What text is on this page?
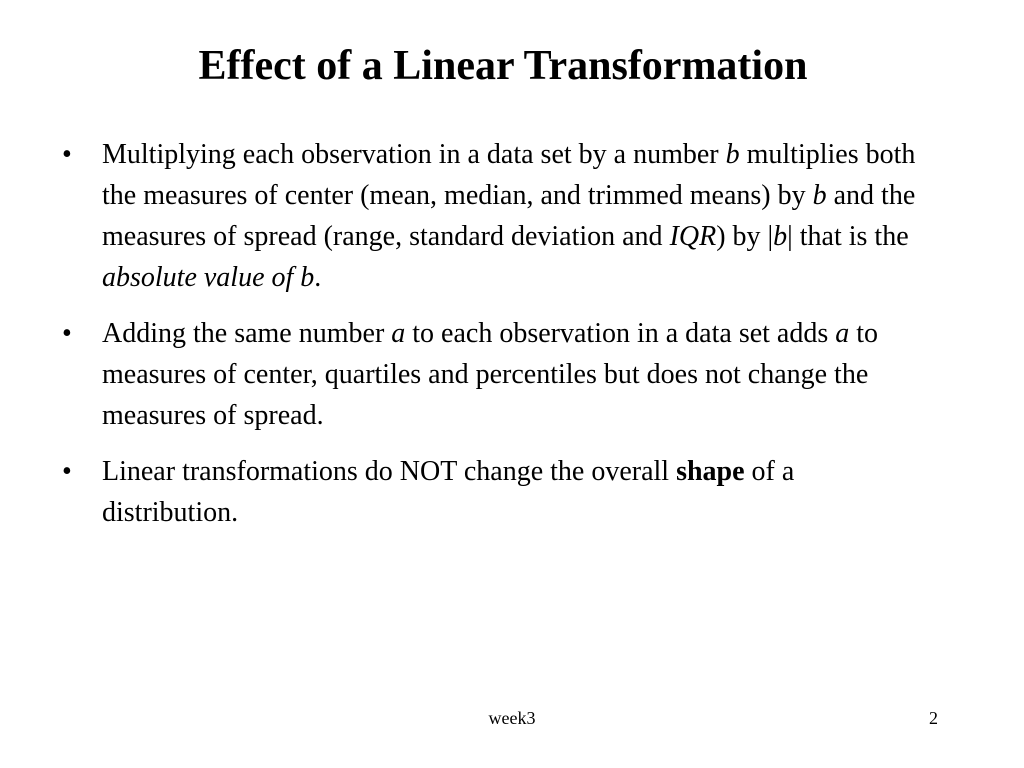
Effect of a Linear Transformation
•	Multiplying each observation in a data set by a number b multiplies both the measures of center (mean, median, and trimmed means) by b and the measures of spread (range, standard deviation and IQR) by |b| that is the absolute value of b.
•	Adding the same number a to each observation in a data set adds a to measures of center, quartiles and percentiles but does not change the measures of spread.
•	Linear transformations do NOT change the overall shape of a distribution.
week3	2
